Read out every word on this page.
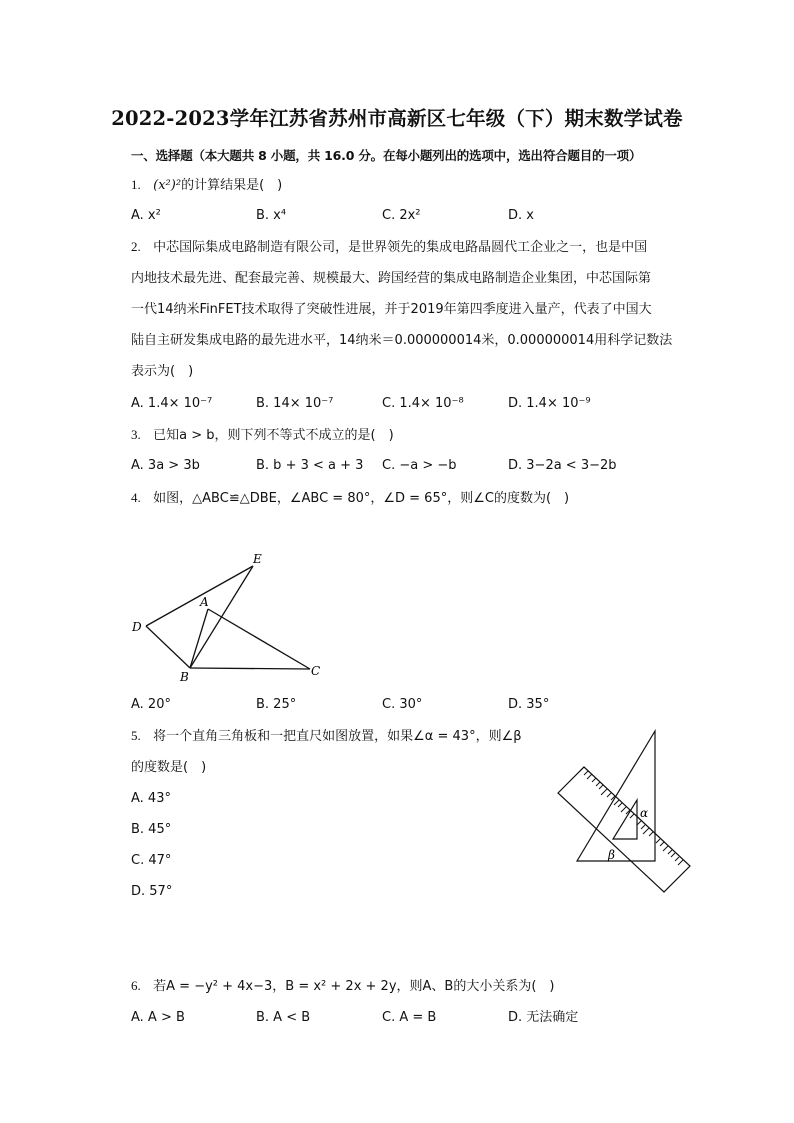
2022-2023学年江苏省苏州市高新区七年级（下）期末数学试卷
一、选择题（本大题共 8 小题，共 16.0 分。在每小题列出的选项中，选出符合题目的一项）
1. (x²)²的计算结果是(　)
A. x²	B. x⁴	C. 2x²	D. x
2. 中芯国际集成电路制造有限公司，是世界领先的集成电路晶圆代工企业之一，也是中国
内地技术最先进、配套最完善、规模最大、跨国经营的集成电路制造企业集团，中芯国际第
一代14纳米FinFET技术取得了突破性进展，并于2019年第四季度进入量产，代表了中国大
陆自主研发集成电路的最先进水平，14纳米＝0.000000014米，0.000000014用科学记数法
表示为(　)
A. 1.4× 10⁻⁷	B. 14× 10⁻⁷	C. 1.4× 10⁻⁸	D. 1.4× 10⁻⁹
3. 已知a > b，则下列不等式不成立的是(　)
A. 3a > 3b	B. b + 3 < a + 3 C. −a > −b	D. 3−2a < 3−2b
4. 如图，△ABC≌△DBE，∠ABC = 80°，∠D = 65°，则∠C的度数为(　)
E
A
D
B	C
A. 20°	B. 25°	C. 30°	D. 35°
5. 将一个直角三角板和一把直尺如图放置，如果∠α = 43°，则∠β
的度数是(　)
A. 43°
B. 45°
C. 47°
D. 57°
α
β
6. 若A = −y² + 4x−3，B = x² + 2x + 2y，则A、B的大小关系为(　)
A. A > B	B. A < B	C. A = B	D. 无法确定
